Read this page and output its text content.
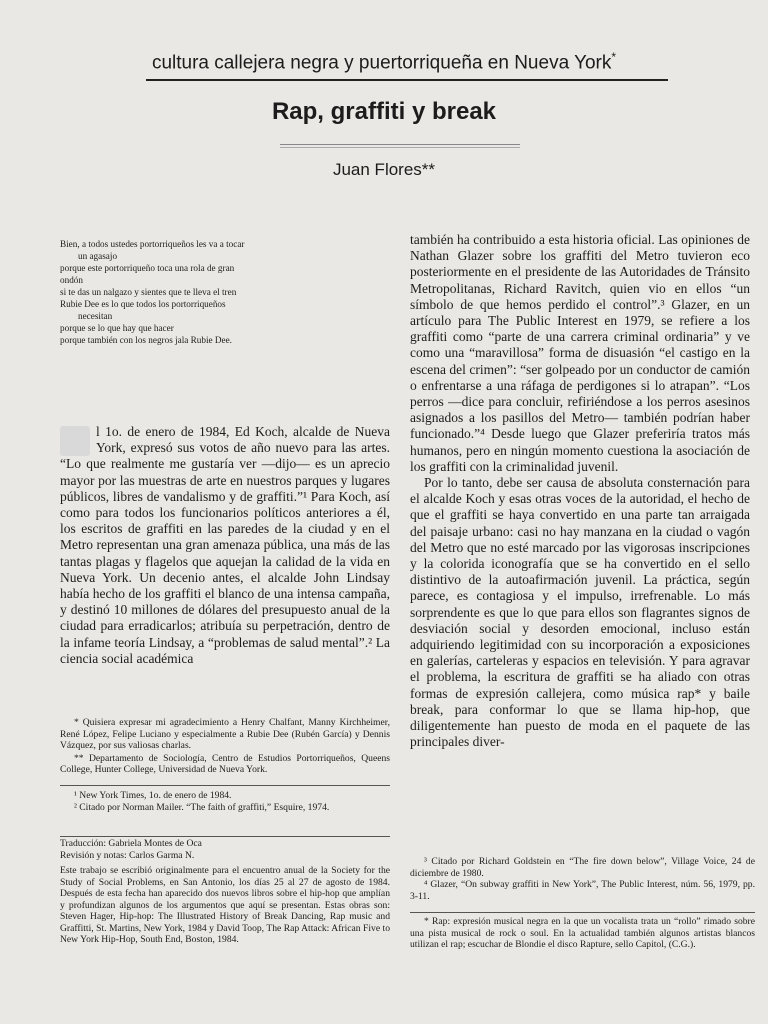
cultura callejera negra y puertorriqueña en Nueva York*
Rap, graffiti y break
Juan Flores**
Bien, a todos ustedes portorriqueños les va a tocar
un agasajo
porque este portorriqueño toca una rola de gran
ondón
si te das un nalgazo y sientes que te lleva el tren
Rubie Dee es lo que todos los portorriqueños
necesitan
porque se lo que hay que hacer
porque también con los negros jala Rubie Dee.

l 1o. de enero de 1984, Ed Koch, alcalde de Nueva York, expresó sus votos de año nuevo para las artes. “Lo que realmente me gustaría ver —dijo— es un aprecio mayor por las muestras de arte en nuestros parques y lugares públicos, libres de vandalismo y de graffiti.”¹ Para Koch, así como para todos los funcionarios políticos anteriores a él, los escritos de graffiti en las paredes de la ciudad y en el Metro representan una gran amenaza pública, una más de las tantas plagas y flagelos que aquejan la calidad de la vida en Nueva York. Un decenio antes, el alcalde John Lindsay había hecho de los graffiti el blanco de una intensa campaña, y destinó 10 millones de dólares del presupuesto anual de la ciudad para erradicarlos; atribuía su perpetración, dentro de la infame teoría Lindsay, a “problemas de salud mental”.² La ciencia social académica

también ha contribuido a esta historia oficial. Las opiniones de Nathan Glazer sobre los graffiti del Metro tuvieron eco posteriormente en el presidente de las Autoridades de Tránsito Metropolitanas, Richard Ravitch, quien vio en ellos “un símbolo de que hemos perdido el control”.³ Glazer, en un artículo para The Public Interest en 1979, se refiere a los graffiti como “parte de una carrera criminal ordinaria” y ve como una “maravillosa” forma de disuasión “el castigo en la escena del crimen”: “ser golpeado por un conductor de camión o enfrentarse a una ráfaga de perdigones si lo atrapan”. “Los perros —dice para concluir, refiriéndose a los perros asesinos asignados a los pasillos del Metro— también podrían haber funcionado.”⁴ Desde luego que Glazer preferiría tratos más humanos, pero en ningún momento cuestiona la asociación de los graffiti con la criminalidad juvenil.

Por lo tanto, debe ser causa de absoluta consternación para el alcalde Koch y esas otras voces de la autoridad, el hecho de que el graffiti se haya convertido en una parte tan arraigada del paisaje urbano: casi no hay manzana en la ciudad o vagón del Metro que no esté marcado por las vigorosas inscripciones y la colorida iconografía que se ha convertido en el sello distintivo de la autoafirmación juvenil. La práctica, según parece, es contagiosa y el impulso, irrefrenable. Lo más sorprendente es que lo que para ellos son flagrantes signos de desviación social y desorden emocional, incluso están adquiriendo legitimidad con su incorporación a exposiciones en galerías, carteleras y espacios en televisión. Y para agravar el problema, la escritura de graffiti se ha aliado con otras formas de expresión callejera, como música rap* y baile break, para conformar lo que se llama hip-hop, que diligentemente han puesto de moda en el paquete de las principales diver-

* Quisiera expresar mi agradecimiento a Henry Chalfant, Manny Kirchheimer, René López, Felipe Luciano y especialmente a Rubie Dee (Rubén García) y Dennis Vázquez, por sus valiosas charlas.

** Departamento de Sociología, Centro de Estudios Portorriqueños, Queens College, Hunter College, Universidad de Nueva York.

¹ New York Times, 1o. de enero de 1984.

² Citado por Norman Mailer. “The faith of graffiti,” Esquire, 1974.

Traducción: Gabriela Montes de Oca

Revisión y notas: Carlos Garma N.

Este trabajo se escribió originalmente para el encuentro anual de la Society for the Study of Social Problems, en San Antonio, los días 25 al 27 de agosto de 1984. Después de esta fecha han aparecido dos nuevos libros sobre el hip-hop que amplían y profundizan algunos de los argumentos que aquí se presentan. Estas obras son: Steven Hager, Hip-hop: The Illustrated History of Break Dancing, Rap music and Graffitti, St. Martins, New York, 1984 y David Toop, The Rap Attack: African Five to New York Hip-Hop, South End, Boston, 1984.

³ Citado por Richard Goldstein en “The fire down below”, Village Voice, 24 de diciembre de 1980.

⁴ Glazer, “On subway graffiti in New York”, The Public Interest, núm. 56, 1979, pp. 3-11.

* Rap: expresión musical negra en la que un vocalista trata un “rollo” rimado sobre una pista musical de rock o soul. En la actualidad también algunos artistas blancos utilizan el rap; escuchar de Blondie el disco Rapture, sello Capitol, (C.G.).
